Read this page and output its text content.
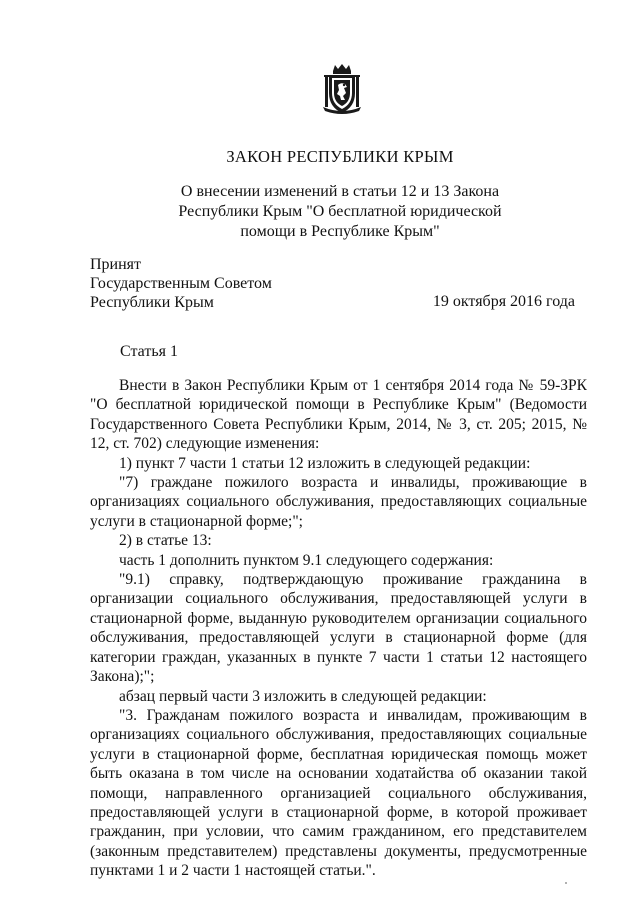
ЗАКОН РЕСПУБЛИКИ КРЫМ
О внесении изменений в статьи 12 и 13 Закона
Республики Крым "О бесплатной юридической
помощи в Республике Крым"
Принят
Государственным Советом
Республики Крым	19 октября 2016 года
Статья 1

Внести в Закон Республики Крым от 1 сентября 2014 года № 59-ЗРК "О бесплатной юридической помощи в Республике Крым" (Ведомости Государственного Совета Республики Крым, 2014, № 3, ст. 205; 2015, № 12, ст. 702) следующие изменения:

1) пункт 7 части 1 статьи 12 изложить в следующей редакции:

"7) граждане пожилого возраста и инвалиды, проживающие в организациях социального обслуживания, предоставляющих социальные услуги в стационарной форме;";

2) в статье 13:

часть 1 дополнить пунктом 9.1 следующего содержания:

"9.1) справку, подтверждающую проживание гражданина в организации социального обслуживания, предоставляющей услуги в стационарной форме, выданную руководителем организации социального обслуживания, предоставляющей услуги в стационарной форме (для категории граждан, указанных в пункте 7 части 1 статьи 12 настоящего Закона);";

абзац первый части 3 изложить в следующей редакции:

"3. Гражданам пожилого возраста и инвалидам, проживающим в организациях социального обслуживания, предоставляющих социальные услуги в стационарной форме, бесплатная юридическая помощь может быть оказана в том числе на основании ходатайства об оказании такой помощи, направленного организацией социального обслуживания, предоставляющей услуги в стационарной форме, в которой проживает гражданин, при условии, что самим гражданином, его представителем (законным представителем) представлены документы, предусмотренные пунктами 1 и 2 части 1 настоящей статьи.".
